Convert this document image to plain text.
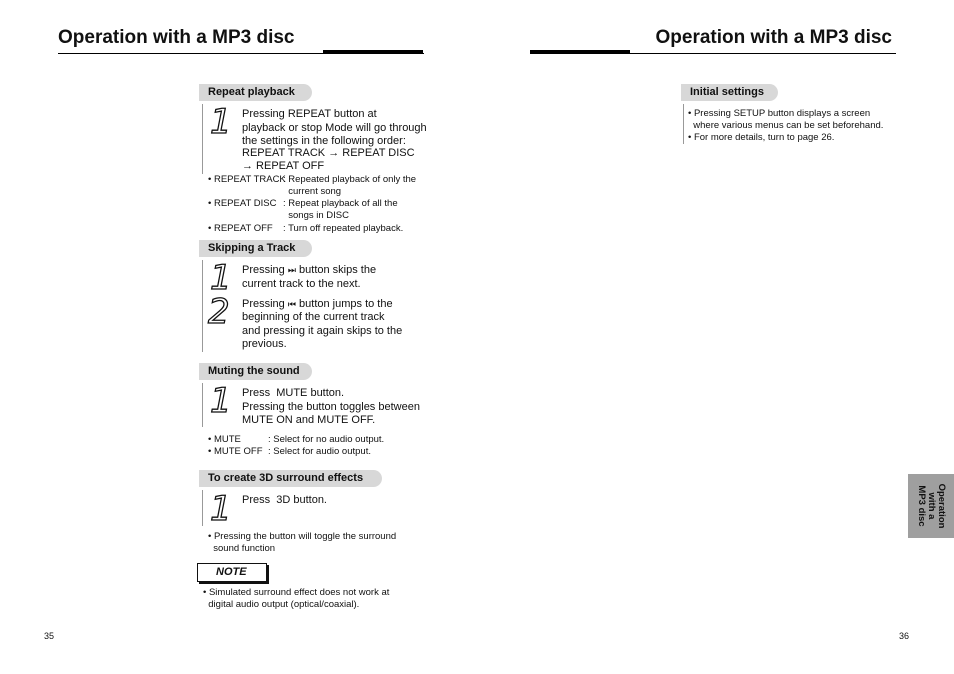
Operation with a MP3 disc
Repeat playback
1 Pressing REPEAT button at
playback or stop Mode will go through
the settings in the following order:
REPEAT TRACK → REPEAT DISC
→ REPEAT OFF
• REPEAT TRACK
: Repeated playback of only the
current song
• REPEAT DISC : Repeat playback of all the
songs in DISC
• REPEAT OFF : Turn off repeated playback.
Skipping a Track
1 Pressing ⏭ button skips the
current track to the next.
2 Pressing ⏮ button jumps to the
beginning of the current track
and pressing it again skips to the
previous.
Muting the sound
1 Press  MUTE button.
Pressing the button toggles between
MUTE ON and MUTE OFF.
• MUTE	: Select for no audio output.
• MUTE OFF : Select for audio output.
To create 3D surround effects
1 Press  3D button.
• Pressing the button will toggle the surround
sound function
NOTE
• Simulated surround effect does not work at
digital audio output (optical/coaxial).
35
Operation with a MP3 disc
Initial settings
• Pressing SETUP button displays a screen
where various menus can be set beforehand.
• For more details, turn to page 26.
Operation
with a
MP3 disc
36
